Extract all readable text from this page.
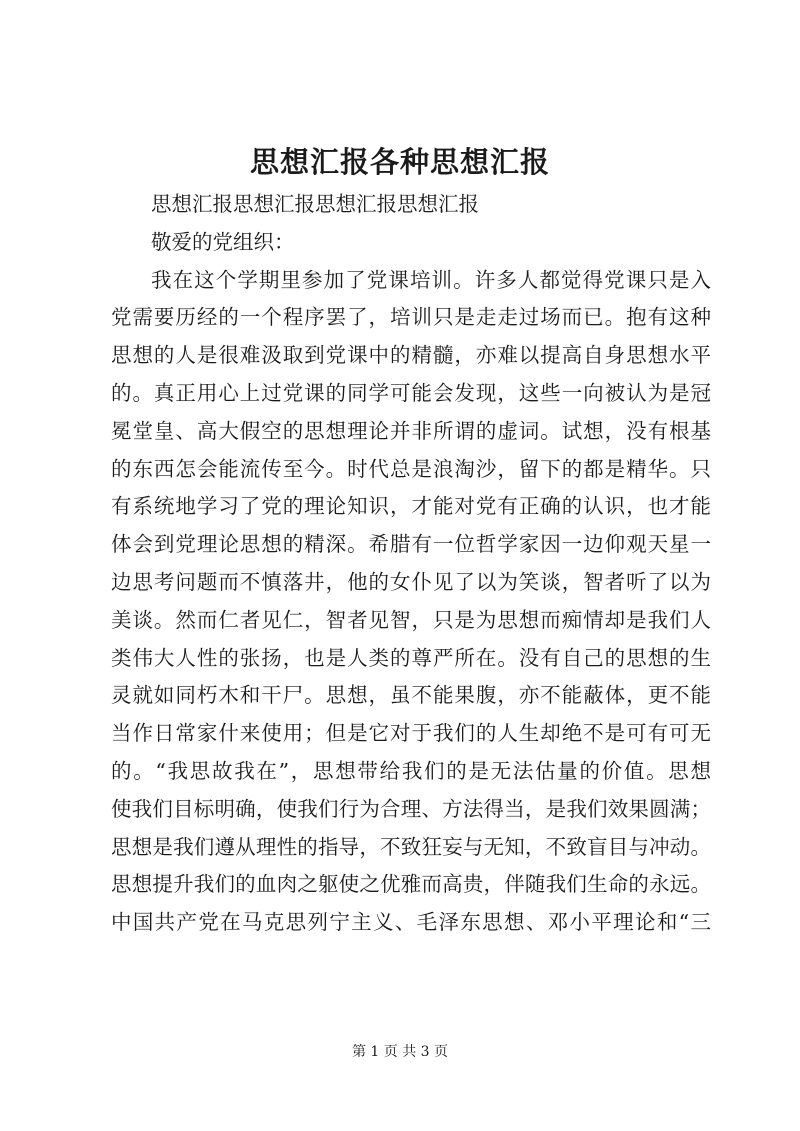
思想汇报各种思想汇报
思想汇报思想汇报思想汇报思想汇报
敬爱的党组织：
我在这个学期里参加了党课培训。许多人都觉得党课只是入
党需要历经的一个程序罢了，培训只是走走过场而已。抱有这种
思想的人是很难汲取到党课中的精髓，亦难以提高自身思想水平
的。真正用心上过党课的同学可能会发现，这些一向被认为是冠
冕堂皇、高大假空的思想理论并非所谓的虚词。试想，没有根基
的东西怎会能流传至今。时代总是浪淘沙，留下的都是精华。只
有系统地学习了党的理论知识，才能对党有正确的认识，也才能
体会到党理论思想的精深。希腊有一位哲学家因一边仰观天星一
边思考问题而不慎落井，他的女仆见了以为笑谈，智者听了以为
美谈。然而仁者见仁，智者见智，只是为思想而痴情却是我们人
类伟大人性的张扬，也是人类的尊严所在。没有自己的思想的生
灵就如同朽木和干尸。思想，虽不能果腹，亦不能蔽体，更不能
当作日常家什来使用；但是它对于我们的人生却绝不是可有可无
的。“我思故我在”，思想带给我们的是无法估量的价值。思想
使我们目标明确，使我们行为合理、方法得当，是我们效果圆满；
思想是我们遵从理性的指导，不致狂妄与无知，不致盲目与冲动。
思想提升我们的血肉之躯使之优雅而高贵，伴随我们生命的永远。
中国共产党在马克思列宁主义、毛泽东思想、邓小平理论和“三
第 1 页 共 3 页
